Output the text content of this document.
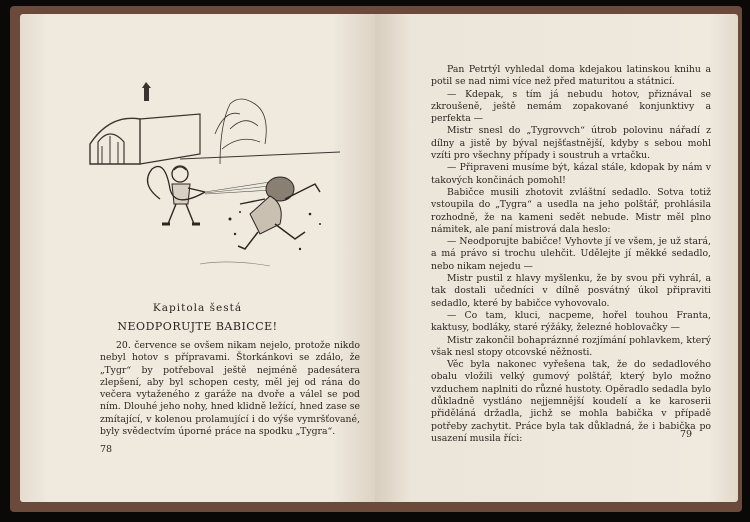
Kapitola šestá
NEODPORUJTE BABICCE!

20. července se ovšem nikam nejelo, protože nikdo nebyl hotov s přípravami. Štorkánkovi se zdálo, že „Tygr“ by potřeboval ještě nejméně padesátera zlepšení, aby byl schopen cesty, měl jej od rána do večera vytaženého z garáže na dvoře a válel se pod ním. Dlouhé jeho nohy, hned klidně ležící, hned zase se zmítající, v kolenou prolamující i do výše vymršťované, byly svědectvím úporné práce na spodku „Tygra“.

78

Pan Petrtýl vyhledal doma kdejakou latinskou knihu a potil se nad nimi více než před maturitou a státnicí.

— Kdepak, s tím já nebudu hotov, přiznával se zkroušeně, ještě nemám zopakované konjunktivy a perfekta —

Mistr snesl do „Tygrovvch“ útrob polovinu nářadí z dílny a jistě by býval nejšťastnější, kdyby s sebou mohl vzíti pro všechny případy i soustruh a vrtačku.

— Připraveni musíme být, kázal stále, kdopak by nám v takových končinách pomohl!

Babičce musili zhotovit zvláštní sedadlo. Sotva totiž vstoupila do „Tygra“ a usedla na jeho polštář, prohlásila rozhodně, že na kameni sedět nebude. Mistr měl plno námitek, ale paní mistrová dala heslo:

— Neodporujte babičce! Vyhovte jí ve všem, je už stará, a má právo si trochu ulehčit. Udělejte jí měkké sedadlo, nebo nikam nejedu —

Mistr pustil z hlavy myšlenku, že by svou při vyhrál, a tak dostali učedníci v dílně posvátný úkol připraviti sedadlo, které by babičce vyhovovalo.

— Co tam, kluci, nacpeme, hořel touhou Franta, kaktusy, bodláky, staré rýžáky, železné hoblovačky —

Mistr zakončil bohapráznné rozjímání pohlavkem, který však nesl stopy otcovské něžnosti.

Věc byla nakonec vyřešena tak, že do sedadlového obalu vložili velký gumový polštář, který bylo možno vzduchem naplniti do různé hustoty. Opěradlo sedadla bylo důkladně vystláno nejjemnější koudelí a ke karoserii přiděláná držadla, jichž se mohla babička v případě potřeby zachytit. Práce byla tak důkladná, že i babička po usazení musila říci:	79
